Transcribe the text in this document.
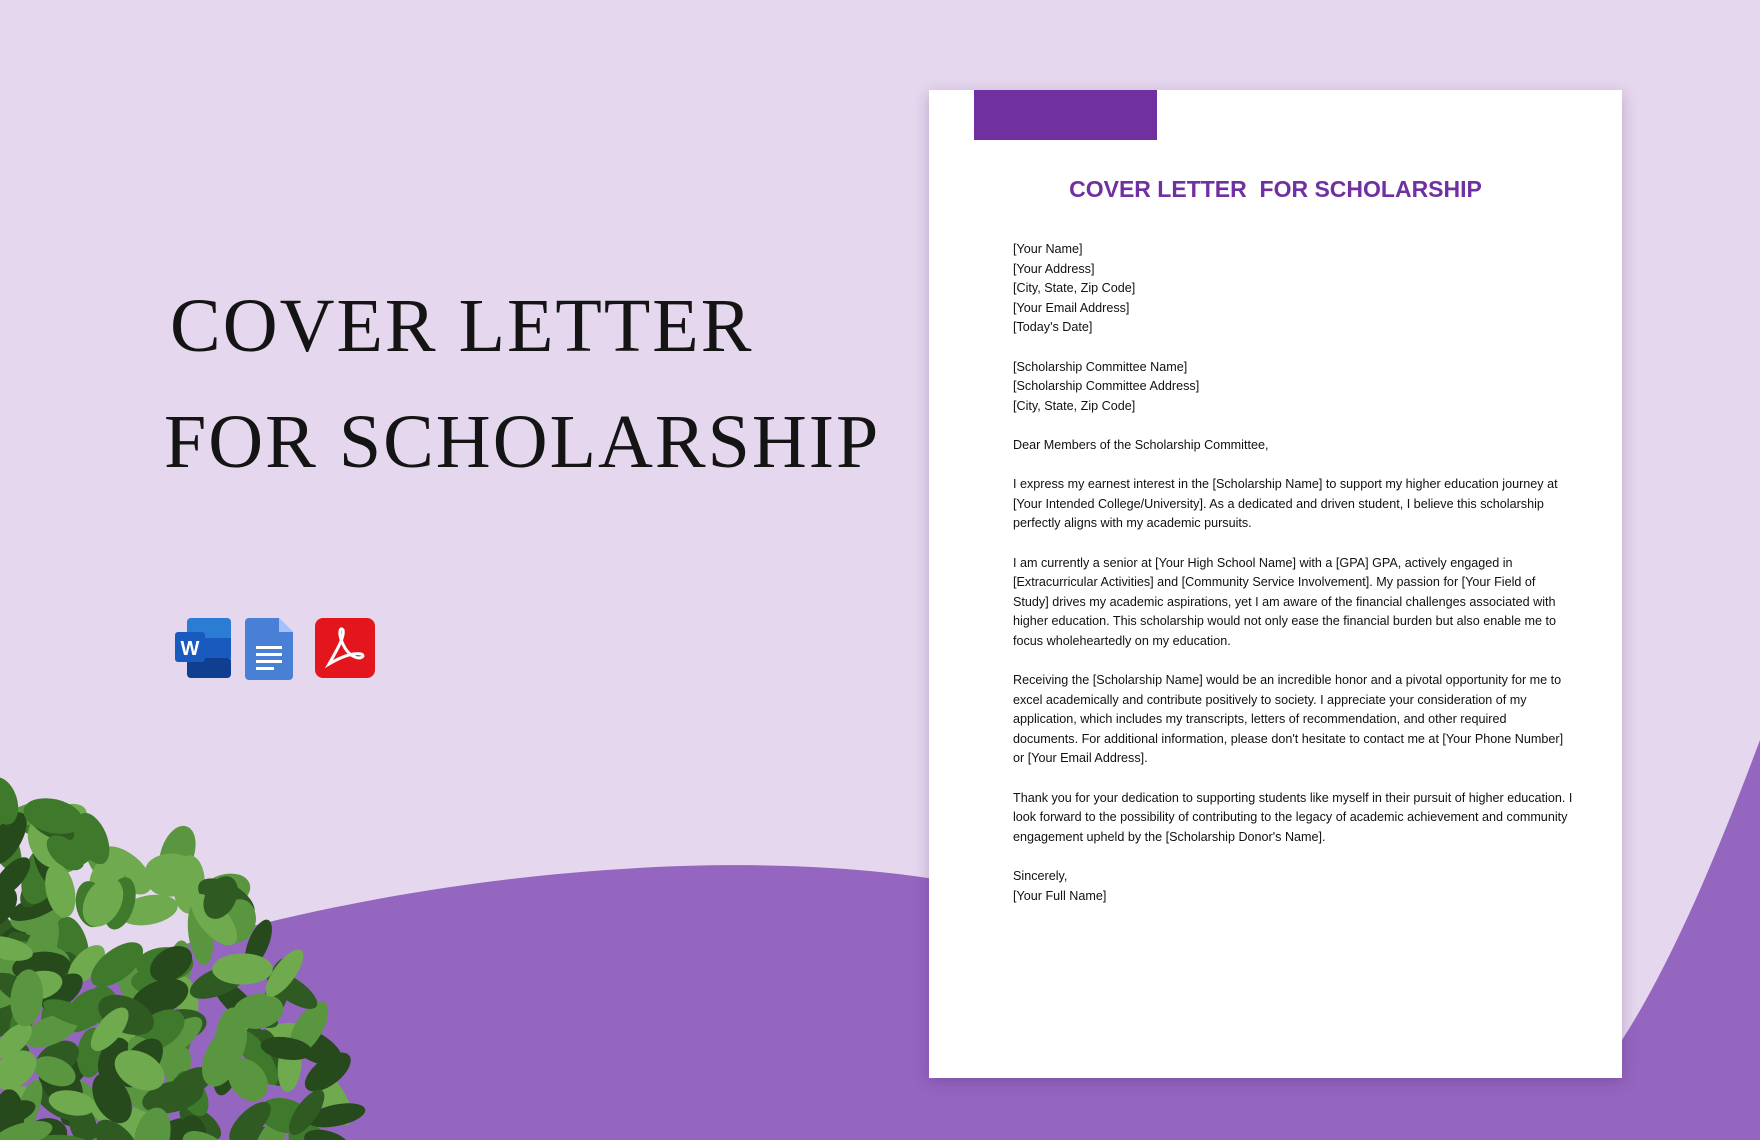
COVER LETTER
FOR SCHOLARSHIP
W
COVER LETTER  FOR SCHOLARSHIP

[Your Name]
[Your Address]
[City, State, Zip Code]
[Your Email Address]
[Today's Date]

[Scholarship Committee Name]
[Scholarship Committee Address]
[City, State, Zip Code]

Dear Members of the Scholarship Committee,

I express my earnest interest in the [Scholarship Name] to support my higher education journey at [Your Intended College/University]. As a dedicated and driven student, I believe this scholarship perfectly aligns with my academic pursuits.

I am currently a senior at [Your High School Name] with a [GPA] GPA, actively engaged in [Extracurricular Activities] and [Community Service Involvement]. My passion for [Your Field of Study] drives my academic aspirations, yet I am aware of the financial challenges associated with higher education. This scholarship would not only ease the financial burden but also enable me to focus wholeheartedly on my education.

Receiving the [Scholarship Name] would be an incredible honor and a pivotal opportunity for me to excel academically and contribute positively to society. I appreciate your consideration of my application, which includes my transcripts, letters of recommendation, and other required documents. For additional information, please don't hesitate to contact me at [Your Phone Number] or [Your Email Address].

Thank you for your dedication to supporting students like myself in their pursuit of higher education. I look forward to the possibility of contributing to the legacy of academic achievement and community engagement upheld by the [Scholarship Donor's Name].

Sincerely,
[Your Full Name]
